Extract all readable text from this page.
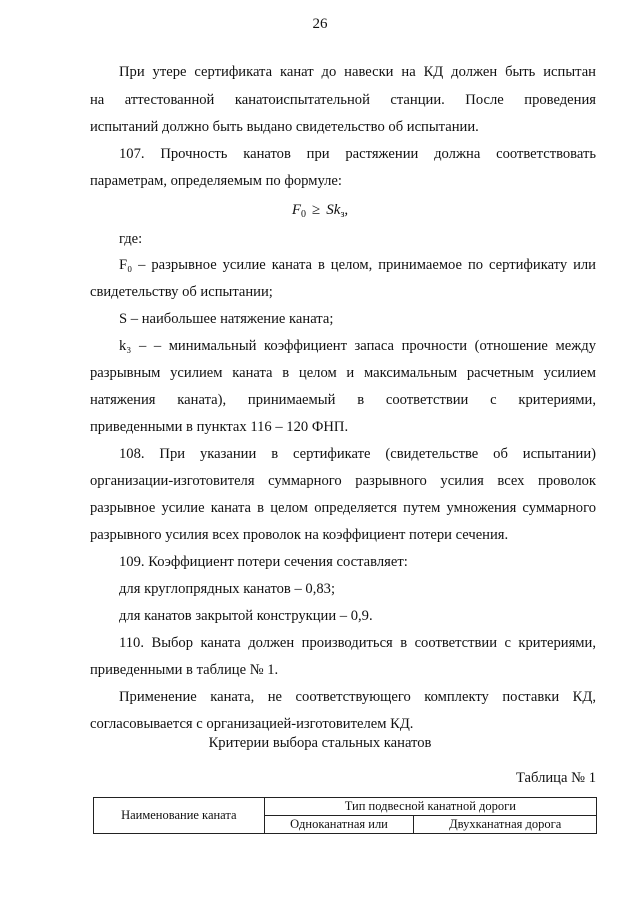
26
При утере сертификата канат до навески на КД должен быть испытан
на аттестованной канатоиспытательной станции. После проведения
испытаний должно быть выдано свидетельство об испытании.
107. Прочность канатов при растяжении должна соответствовать
параметрам, определяемым по формуле:
$F_0 \ge Sk_з$,
где:
F₀ – разрывное усилие каната в целом, принимаемое по сертификату или
свидетельству об испытании;
S – наибольшее натяжение каната;
k₃ – – минимальный коэффициент запаса прочности (отношение между
разрывным усилием каната в целом и максимальным расчетным усилием
натяжения каната), принимаемый в соответствии с критериями,
приведенными в пунктах 116 – 120 ФНП.
108. При указании в сертификате (свидетельстве об испытании)
организации-изготовителя суммарного разрывного усилия всех проволок
разрывное усилие каната в целом определяется путем умножения суммарного
разрывного усилия всех проволок на коэффициент потери сечения.
109. Коэффициент потери сечения составляет:
для круглопрядных канатов – 0,83;
для канатов закрытой конструкции – 0,9.
110. Выбор каната должен производиться в соответствии с критериями,
приведенными в таблице № 1.
Применение каната, не соответствующего комплекту поставки КД,
согласовывается с организацией-изготовителем КД.
Критерии выбора стальных канатов
Таблица № 1
Наименование каната	Тип подвесной канатной дороги	
	Одноканатная или	Двухканатная дорога
